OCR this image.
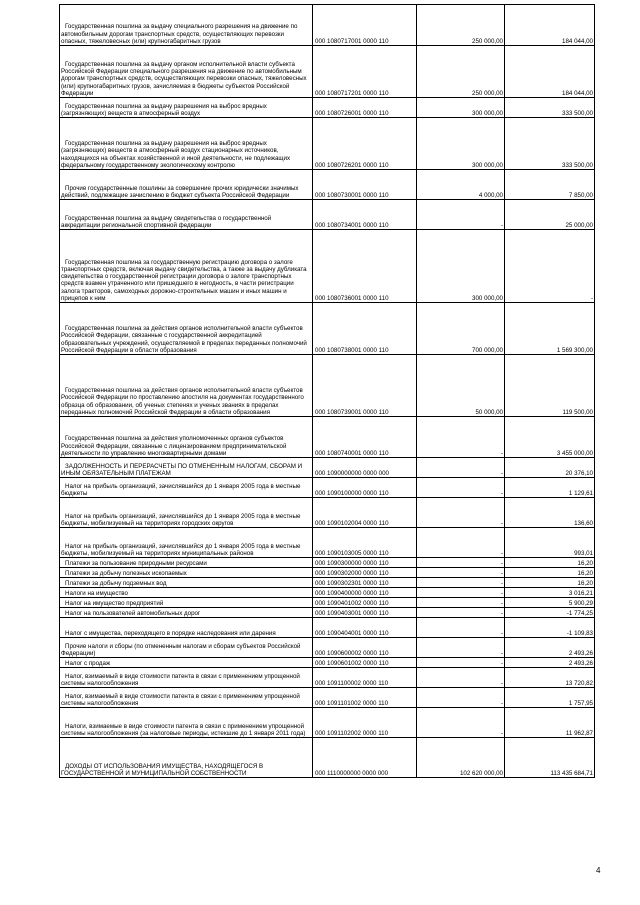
Государственная пошлина за выдачу специального разрешения на движение по автомобильным дорогам транспортных средств, осуществляющих перевозки опасных, тяжеловесных (или) крупногабаритных грузов	000 1080717001 0000 110	250 000,00	184 044,00
Государственная пошлина за выдачу органом исполнительной власти субъекта Российской Федерации специального разрешения на движение по автомобильным дорогам транспортных средств, осуществляющих перевозки опасных, тяжеловесных (или) крупногабаритных грузов, зачисляемая в бюджеты субъектов Российской Федерации	000 1080717201 0000 110	250 000,00	184 044,00
Государственная пошлина за выдачу разрешения на выброс вредных (загрязняющих) веществ в атмосферный воздух	000 1080726001 0000 110	300 000,00	333 500,00
Государственная пошлина за выдачу разрешения на выброс вредных (загрязняющих) веществ в атмосферный воздух стационарных источников, находящихся на объектах хозяйственной и иной деятельности, не подлежащих федеральному государственному экологическому контролю	000 1080726201 0000 110	300 000,00	333 500,00
Прочие государственные пошлины за совершение прочих юридически значимых действий, подлежащие зачислению в бюджет субъекта Российской Федерации	000 1080730001 0000 110	4 000,00	7 850,00
Государственная пошлина за выдачу свидетельства о государственной аккредитации региональной спортивной федерации	000 1080734001 0000 110	-	25 000,00
Государственная пошлина за государственную регистрацию договора о залоге транспортных средств, включая выдачу свидетельства, а также за выдачу дубликата свидетельства о государственной регистрации договора о залоге транспортных средств взамен утраченного или пришедшего в негодность, в части регистрации залога тракторов, самоходных дорожно-строительных машин и иных машин и прицепов к ним	000 1080736001 0000 110	300 000,00	-
Государственная пошлина за действия органов исполнительной власти субъектов Российской Федерации, связанные с государственной аккредитацией образовательных учреждений, осуществляемой в пределах переданных полномочий Российской Федерации в области образования	000 1080738001 0000 110	700 000,00	1 569 300,00
Государственная пошлина за действия органов исполнительной власти субъектов Российской Федерации по проставлению апостиля на документах государственного образца об образовании, об ученых степенях и ученых званиях в пределах переданных полномочий Российской Федерации в области образования	000 1080739001 0000 110	50 000,00	119 500,00
Государственная пошлина за действия уполномоченных органов субъектов Российской Федерации, связанные с лицензированием предпринимательской деятельности по управлению многоквартирными домами	000 1080740001 0000 110	-	3 455 000,00
ЗАДОЛЖЕННОСТЬ И ПЕРЕРАСЧЕТЫ ПО ОТМЕНЕННЫМ НАЛОГАМ, СБОРАМ И ИНЫМ ОБЯЗАТЕЛЬНЫМ ПЛАТЕЖАМ	000 1090000000 0000 000	-	20 376,10
Налог на прибыль организаций, зачислявшийся до 1 января 2005 года в местные бюджеты	000 1090100000 0000 110	-	1 129,61
Налог на прибыль организаций, зачислявшийся до 1 января 2005 года в местные бюджеты, мобилизуемый на территориях городских округов	000 1090102004 0000 110	-	136,60
Налог на прибыль организаций, зачислявшийся до 1 января 2005 года в местные бюджеты, мобилизуемый на территориях муниципальных районов	000 1090103005 0000 110	-	993,01
Платежи за пользование природными ресурсами	000 1090300000 0000 110	-	16,20
Платежи за добычу полезных ископаемых	000 1090302000 0000 110	-	16,20
Платежи за добычу подземных вод	000 1090302301 0000 110	-	16,20
Налоги на имущество	000 1090400000 0000 110	-	3 016,21
Налог на имущество предприятий	000 1090401002 0000 110	-	5 900,29
Налог на пользователей автомобильных дорог	000 1090403001 0000 110	-	-1 774,25
Налог с имущества, переходящего в порядке наследования или дарения	000 1090404001 0000 110	-	-1 109,83
Прочие налоги и сборы (по отмененным налогам и сборам субъектов Российской Федерации)	000 1090600002 0000 110	-	2 493,26
Налог с продаж	000 1090601002 0000 110	-	2 493,26
Налог, взимаемый в виде стоимости патента в связи с применением упрощенной системы налогообложения	000 1091100002 0000 110	-	13 720,82
Налог, взимаемый в виде стоимости патента в связи с применением упрощенной системы налогообложения	000 1091101002 0000 110	-	1 757,95
Налоги, взимаемые в виде стоимости патента в связи с применением упрощенной системы налогообложения (за налоговые периоды, истекшие до 1 января 2011 года)	000 1091102002 0000 110	-	11 962,87
ДОХОДЫ ОТ ИСПОЛЬЗОВАНИЯ ИМУЩЕСТВА, НАХОДЯЩЕГОСЯ В ГОСУДАРСТВЕННОЙ И МУНИЦИПАЛЬНОЙ СОБСТВЕННОСТИ	000 1110000000 0000 000	102 620 000,00	113 435 684,71
4
